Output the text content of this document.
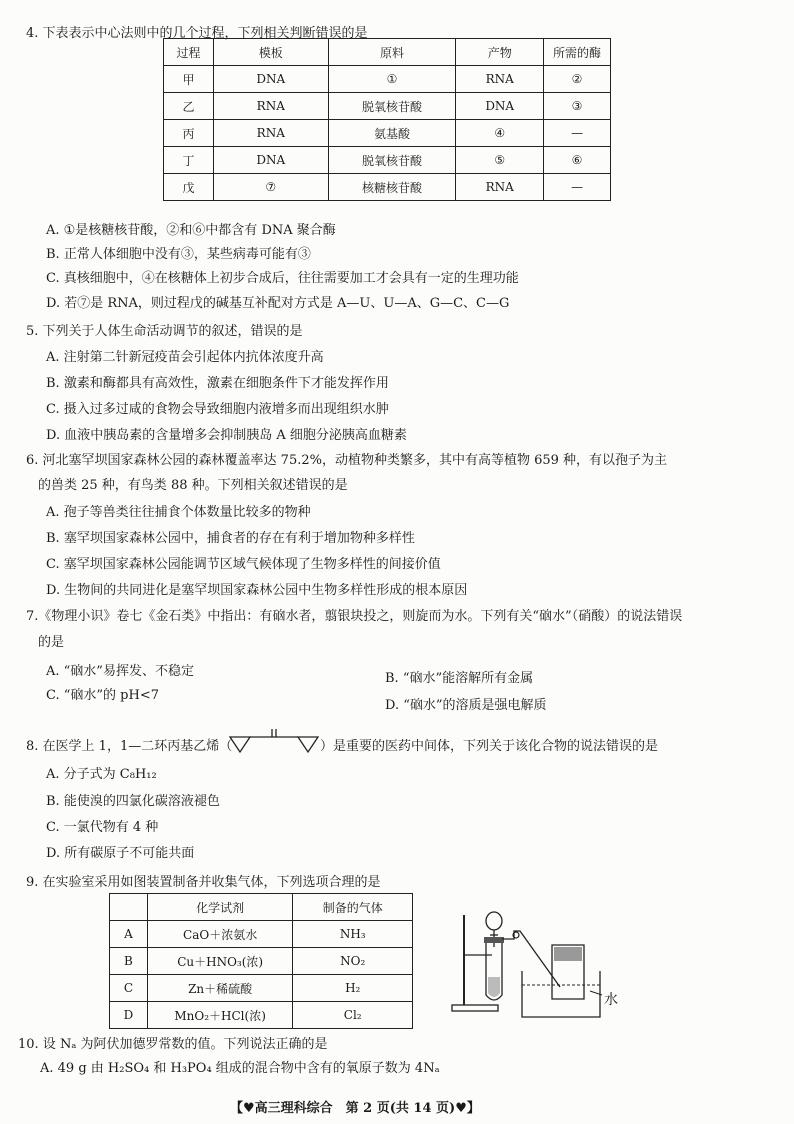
4. 下表表示中心法则中的几个过程，下列相关判断错误的是
过程	模板	原料	产物	所需的酶
甲	DNA	①	RNA	②
乙	RNA	脱氧核苷酸	DNA	③
丙	RNA	氨基酸	④	—
丁	DNA	脱氧核苷酸	⑤	⑥
戊	⑦	核糖核苷酸	RNA	—
A. ①是核糖核苷酸，②和⑥中都含有 DNA 聚合酶
B. 正常人体细胞中没有③，某些病毒可能有③
C. 真核细胞中，④在核糖体上初步合成后，往往需要加工才会具有一定的生理功能
D. 若⑦是 RNA，则过程戊的碱基互补配对方式是 A—U、U—A、G—C、C—G
5. 下列关于人体生命活动调节的叙述，错误的是
A. 注射第二针新冠疫苗会引起体内抗体浓度升高
B. 激素和酶都具有高效性，激素在细胞条件下才能发挥作用
C. 摄入过多过咸的食物会导致细胞内液增多而出现组织水肿
D. 血液中胰岛素的含量增多会抑制胰岛 A 细胞分泌胰高血糖素
6. 河北塞罕坝国家森林公园的森林覆盖率达 75.2%，动植物种类繁多，其中有高等植物 659 种，有以孢子为主
的兽类 25 种，有鸟类 88 种。下列相关叙述错误的是
A. 孢子等兽类往往捕食个体数量比较多的物种
B. 塞罕坝国家森林公园中，捕食者的存在有利于增加物种多样性
C. 塞罕坝国家森林公园能调节区域气候体现了生物多样性的间接价值
D. 生物间的共同进化是塞罕坝国家森林公园中生物多样性形成的根本原因
7.《物理小识》卷七《金石类》中指出：有硇水者，翦银块投之，则旋而为水。下列有关“硇水”（硝酸）的说法错误
的是
A. “硇水”易挥发、不稳定	B. “硇水”能溶解所有金属
C. “硇水”的 pH<7
D. “硇水”的溶质是强电解质
8. 在医学上 1，1—二环丙基乙烯（	）是重要的医药中间体，下列关于该化合物的说法错误的是
A. 分子式为 C₈H₁₂
B. 能使溴的四氯化碳溶液褪色
C. 一氯代物有 4 种
D. 所有碳原子不可能共面
9. 在实验室采用如图装置制备并收集气体，下列选项合理的是
	化学试剂	制备的气体
A	CaO＋浓氨水	NH₃
B	Cu＋HNO₃(浓)	NO₂
C	Zn＋稀硫酸	H₂
D	MnO₂＋HCl(浓)	Cl₂
水
10. 设 Nₐ 为阿伏加德罗常数的值。下列说法正确的是
A. 49 g 由 H₂SO₄ 和 H₃PO₄ 组成的混合物中含有的氧原子数为 4Nₐ
【♥高三理科综合　第 2 页(共 14 页)♥】
